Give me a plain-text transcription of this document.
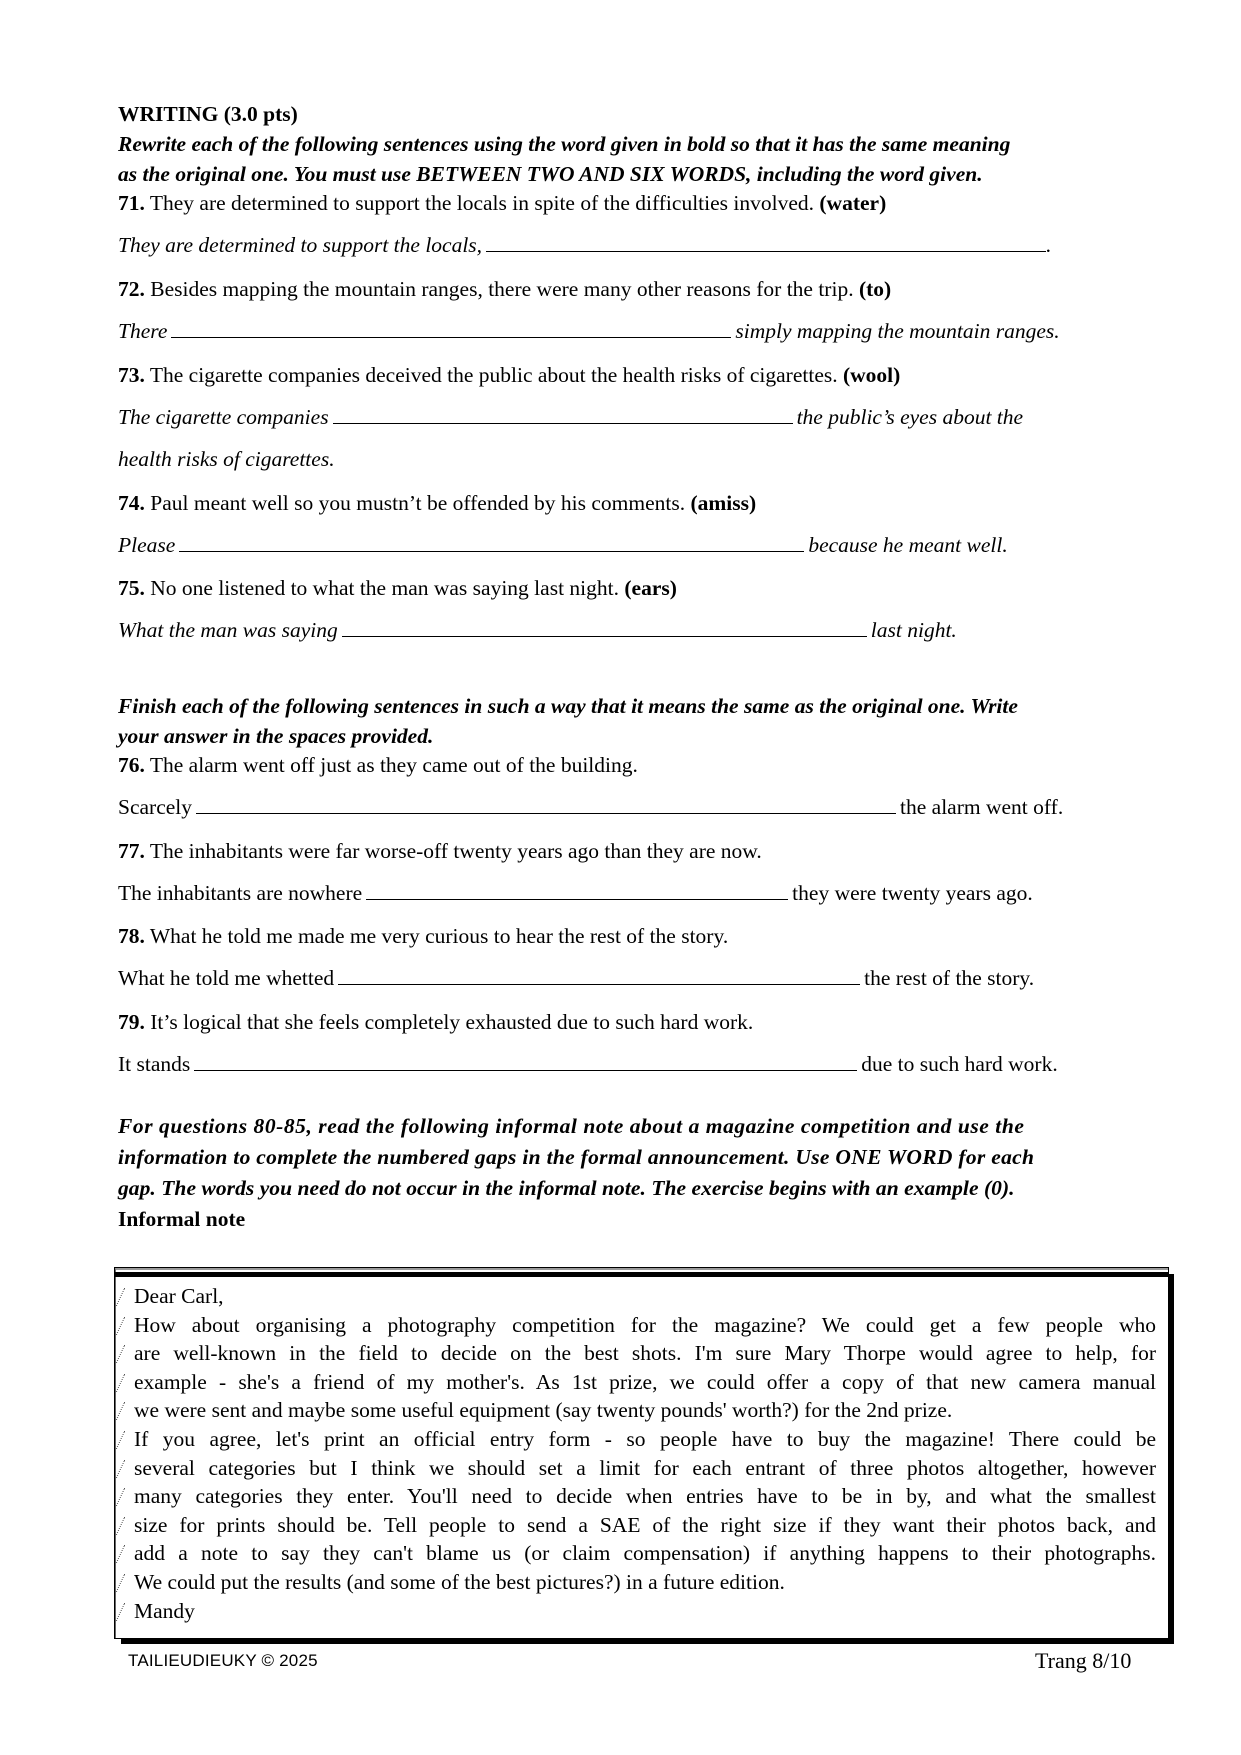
WRITING (3.0 pts)
Rewrite each of the following sentences using the word given in bold so that it has the same meaning
as the original one. You must use BETWEEN TWO AND SIX WORDS, including the word given.
71. They are determined to support the locals in spite of the difficulties involved. (water)
They are determined to support the locals,	.
72. Besides mapping the mountain ranges, there were many other reasons for the trip. (to)
There	simply mapping the mountain ranges.
73. The cigarette companies deceived the public about the health risks of cigarettes. (wool)
The cigarette companies	the public’s eyes about the
health risks of cigarettes.
74. Paul meant well so you mustn’t be offended by his comments. (amiss)
Please	because he meant well.
75. No one listened to what the man was saying last night. (ears)
What the man was saying	last night.
Finish each of the following sentences in such a way that it means the same as the original one. Write
your answer in the spaces provided.
76. The alarm went off just as they came out of the building.
Scarcely	the alarm went off.
77. The inhabitants were far worse-off twenty years ago than they are now.
The inhabitants are nowhere	they were twenty years ago.
78. What he told me made me very curious to hear the rest of the story.
What he told me whetted	the rest of the story.
79. It’s logical that she feels completely exhausted due to such hard work.
It stands	due to such hard work.
For questions 80-85, read the following informal note about a magazine competition and use the
information to complete the numbered gaps in the formal announcement. Use ONE WORD for each
gap. The words you need do not occur in the informal note. The exercise begins with an example (0).
Informal note
Dear Carl,
How about organising a photography competition for the magazine? We could get a few people who
are well-known in the field to decide on the best shots. I'm sure Mary Thorpe would agree to help, for
example - she's a friend of my mother's. As 1st prize, we could offer a copy of that new camera manual
we were sent and maybe some useful equipment (say twenty pounds' worth?) for the 2nd prize.
If you agree, let's print an official entry form - so people have to buy the magazine! There could be
several categories but I think we should set a limit for each entrant of three photos altogether, however
many categories they enter. You'll need to decide when entries have to be in by, and what the smallest
size for prints should be. Tell people to send a SAE of the right size if they want their photos back, and
add a note to say they can't blame us (or claim compensation) if anything happens to their photographs.
We could put the results (and some of the best pictures?) in a future edition.
Mandy
TAILIEUDIEUKY © 2025	Trang 8/10
